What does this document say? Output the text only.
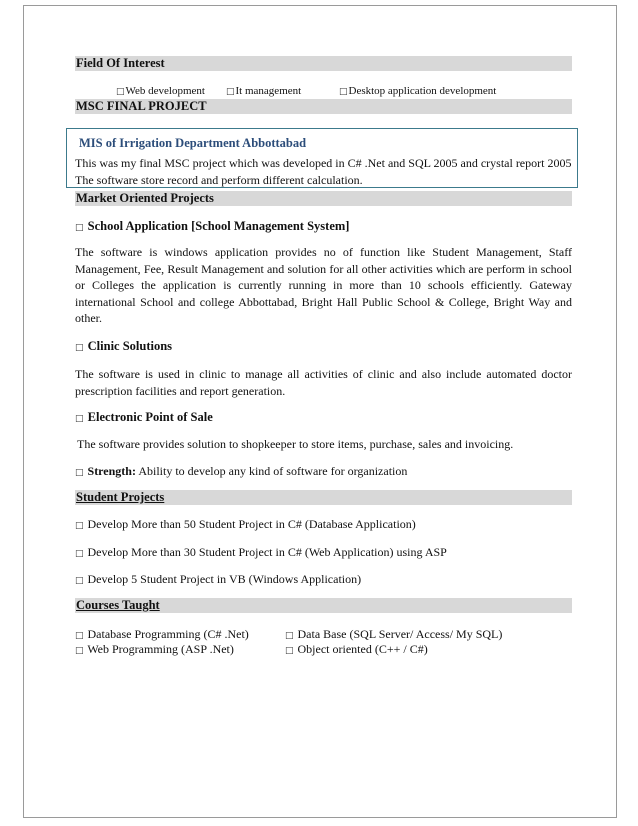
Field Of Interest
□Web development □It management	□Desktop application development
MSC FINAL PROJECT
MIS of Irrigation Department Abbottabad
This was my final MSC project which was developed in C# .Net and SQL 2005 and crystal report 2005 The software store record and perform different calculation.
Market Oriented Projects
□ School Application [School Management System]
The software is windows application provides no of function like Student Management, Staff Management, Fee, Result Management and solution for all other activities which are perform in school or Colleges the application is currently running in more than 10 schools efficiently. Gateway international School and college Abbottabad, Bright Hall Public School & College, Bright Way and other.
□ Clinic Solutions
The software is used in clinic to manage all activities of clinic and also include automated doctor prescription facilities and report generation.
□ Electronic Point of Sale
The software provides solution to shopkeeper to store items, purchase, sales and invoicing.
□ Strength: Ability to develop any kind of software for organization
Student Projects
□ Develop More than 50 Student Project in C# (Database Application)
□ Develop More than 30 Student Project in C# (Web Application) using ASP
□ Develop 5 Student Project in VB (Windows Application)
Courses Taught
□ Database Programming (C# .Net)	□ Data Base (SQL Server/ Access/ My SQL)
□ Web Programming (ASP .Net)	□ Object oriented (C++ / C#)
